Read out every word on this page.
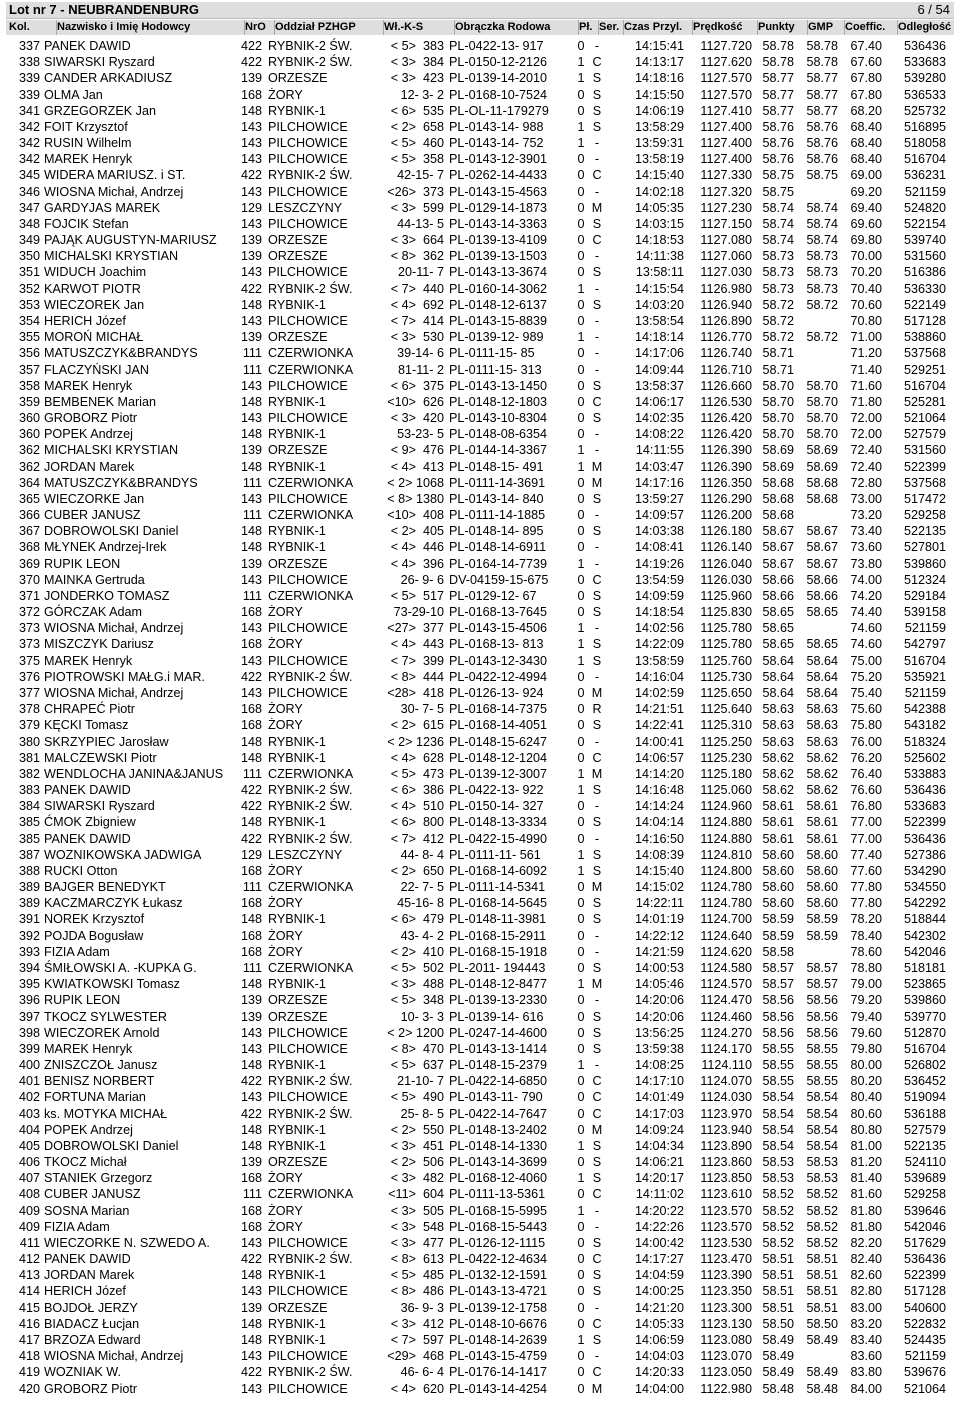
Lot nr 7 - NEUBRANDENBURG	6 / 54
Kol. Nazwisko i Imię Hodowcy	NrO Oddział PZHGP	Wł.-K-S	Obrączka Rodowa	Pł. Ser. Czas Przyl. Prędkość Punkty GMP Coeffic. Odległość
337 PANEK DAWID	422 RYBNIK-2 ŚW.	< 5>  383 PL-0422-13- 917	0 -	14:15:41	1127.720 58.78 58.78 67.40	536436
338 SIWARSKI Ryszard	422 RYBNIK-2 ŚW.	< 3>  384 PL-0150-12-2126	1 C	14:13:17	1127.620 58.78 58.78 67.60	533683
339 CANDER ARKADIUSZ	139 ORZESZE	< 3>  423 PL-0139-14-2010	1 S	14:18:16	1127.570 58.77 58.77 67.80	539280
339 OLMA Jan	168 ŻORY	12- 3- 2 PL-0168-10-7524	0 S	14:15:50	1127.570 58.77 58.77 67.80	536533
341 GRZEGORZEK Jan	148 RYBNIK-1	< 6>  535 PL-OL-11-179279	0 S	14:06:19	1127.410 58.77 58.77 68.20	525732
342 FOIT Krzysztof	143 PILCHOWICE	< 2>  658 PL-0143-14- 988	1 S	13:58:29	1127.400 58.76 58.76 68.40	516895
342 RUSIN Wilhelm	143 PILCHOWICE	< 5>  460 PL-0143-14- 752	1 -	13:59:31	1127.400 58.76 58.76 68.40	518058
342 MAREK Henryk	143 PILCHOWICE	< 5>  358 PL-0143-12-3901	0 -	13:58:19	1127.400 58.76 58.76 68.40	516704
345 WIDERA MARIUSZ. i ST.	422 RYBNIK-2 ŚW.	42-15- 7 PL-0262-14-4433	0 C	14:15:40	1127.330 58.75 58.75 69.00	536231
346 WIOSNA Michał, Andrzej	143 PILCHOWICE	<26>  373 PL-0143-15-4563	0 -	14:02:18	1127.320 58.75	69.20	521159
347 GARDYJAS MAREK	129 LESZCZYNY	< 3>  599 PL-0129-14-1873	0 M	14:05:35	1127.230 58.74 58.74 69.40	524820
348 FOJCIK Stefan	143 PILCHOWICE	44-13- 5 PL-0143-14-3363	0 S	14:03:15	1127.150 58.74 58.74 69.60	522154
349 PAJĄK AUGUSTYN-MARIUSZ	139 ORZESZE	< 3>  664 PL-0139-13-4109	0 C	14:18:53	1127.080 58.74 58.74 69.80	539740
350 MICHALSKI KRYSTIAN	139 ORZESZE	< 8>  362 PL-0139-13-1503	0 -	14:11:38	1127.060 58.73 58.73 70.00	531560
351 WIDUCH Joachim	143 PILCHOWICE	20-11- 7 PL-0143-13-3674	0 S	13:58:11	1127.030 58.73 58.73 70.20	516386
352 KARWOT PIOTR	422 RYBNIK-2 ŚW.	< 7>  440 PL-0160-14-3062	1 -	14:15:54	1126.980 58.73 58.73 70.40	536330
353 WIECZOREK Jan	148 RYBNIK-1	< 4>  692 PL-0148-12-6137	0 S	14:03:20	1126.940 58.72 58.72 70.60	522149
354 HERICH Józef	143 PILCHOWICE	< 7>  414 PL-0143-15-8839	0 -	13:58:54	1126.890 58.72	70.80	517128
355 MOROŃ MICHAŁ	139 ORZESZE	< 3>  530 PL-0139-12- 989	1 -	14:18:14	1126.770 58.72 58.72 71.00	538860
356 MATUSZCZYK&BRANDYS	111 CZERWIONKA	39-14- 6 PL-0111-15- 85	0 -	14:17:06	1126.740 58.71	71.20	537568
357 FLACZYŃSKI JAN	111 CZERWIONKA	81-11- 2 PL-0111-15- 313	0 -	14:09:44	1126.710 58.71	71.40	529251
358 MAREK Henryk	143 PILCHOWICE	< 6>  375 PL-0143-13-1450	0 S	13:58:37	1126.660 58.70 58.70 71.60	516704
359 BEMBENEK Marian	148 RYBNIK-1	<10>  626 PL-0148-12-1803	0 C	14:06:17	1126.530 58.70 58.70 71.80	525281
360 GROBORZ Piotr	143 PILCHOWICE	< 3>  420 PL-0143-10-8304	0 S	14:02:35	1126.420 58.70 58.70 72.00	521064
360 POPEK Andrzej	148 RYBNIK-1	53-23- 5 PL-0148-08-6354	0 -	14:08:22	1126.420 58.70 58.70 72.00	527579
362 MICHALSKI KRYSTIAN	139 ORZESZE	< 9>  476 PL-0144-14-3367	1 -	14:11:55	1126.390 58.69 58.69 72.40	531560
362 JORDAN Marek	148 RYBNIK-1	< 4>  413 PL-0148-15- 491	1 M	14:03:47	1126.390 58.69 58.69 72.40	522399
364 MATUSZCZYK&BRANDYS	111 CZERWIONKA	< 2> 1068 PL-0111-14-3691	0 M	14:17:16	1126.350 58.68 58.68 72.80	537568
365 WIECZORKE Jan	143 PILCHOWICE	< 8> 1380 PL-0143-14- 840	0 S	13:59:27	1126.290 58.68 58.68 73.00	517472
366 CUBER JANUSZ	111 CZERWIONKA	<10>  408 PL-0111-14-1885	0 -	14:09:57	1126.200 58.68	73.20	529258
367 DOBROWOLSKI Daniel	148 RYBNIK-1	< 2>  405 PL-0148-14- 895	0 S	14:03:38	1126.180 58.67 58.67 73.40	522135
368 MŁYNEK Andrzej-Irek	148 RYBNIK-1	< 4>  446 PL-0148-14-6911	0 -	14:08:41	1126.140 58.67 58.67 73.60	527801
369 RUPIK LEON	139 ORZESZE	< 4>  396 PL-0164-14-7739	1 -	14:19:26	1126.040 58.67 58.67 73.80	539860
370 MAINKA Gertruda	143 PILCHOWICE	26- 9- 6 DV-04159-15-675	0 C	13:54:59	1126.030 58.66 58.66 74.00	512324
371 JONDERKO TOMASZ	111 CZERWIONKA	< 5>  517 PL-0129-12- 67	0 S	14:09:59	1125.960 58.66 58.66 74.20	529184
372 GÓRCZAK Adam	168 ŻORY	73-29-10 PL-0168-13-7645	0 S	14:18:54	1125.830 58.65 58.65 74.40	539158
373 WIOSNA Michał, Andrzej	143 PILCHOWICE	<27>  377 PL-0143-15-4506	1 -	14:02:56	1125.780 58.65	74.60	521159
373 MISZCZYK Dariusz	168 ŻORY	< 4>  443 PL-0168-13- 813	1 S	14:22:09	1125.780 58.65 58.65 74.60	542797
375 MAREK Henryk	143 PILCHOWICE	< 7>  399 PL-0143-12-3430	1 S	13:58:59	1125.760 58.64 58.64 75.00	516704
376 PIOTROWSKI MAŁG.i MAR.	422 RYBNIK-2 ŚW.	< 8>  444 PL-0422-12-4994	0 -	14:16:04	1125.730 58.64 58.64 75.20	535921
377 WIOSNA Michał, Andrzej	143 PILCHOWICE	<28>  418 PL-0126-13- 924	0 M	14:02:59	1125.650 58.64 58.64 75.40	521159
378 CHRAPEĆ Piotr	168 ŻORY	30- 7- 5 PL-0168-14-7375	0 R	14:21:51	1125.640 58.63 58.63 75.60	542388
379 KĘCKI Tomasz	168 ŻORY	< 2>  615 PL-0168-14-4051	0 S	14:22:41	1125.310 58.63 58.63 75.80	543182
380 SKRZYPIEC Jarosław	148 RYBNIK-1	< 2> 1236 PL-0148-15-6247	0 -	14:00:41	1125.250 58.63 58.63 76.00	518324
381 MALCZEWSKI Piotr	148 RYBNIK-1	< 4>  628 PL-0148-12-1204	0 C	14:06:57	1125.230 58.62 58.62 76.20	525602
382 WENDLOCHA JANINA&JANUS	111 CZERWIONKA	< 5>  473 PL-0139-12-3007	1 M	14:14:20	1125.180 58.62 58.62 76.40	533883
383 PANEK DAWID	422 RYBNIK-2 ŚW.	< 6>  386 PL-0422-13- 922	1 S	14:16:48	1125.060 58.62 58.62 76.60	536436
384 SIWARSKI Ryszard	422 RYBNIK-2 ŚW.	< 4>  510 PL-0150-14- 327	0 -	14:14:24	1124.960 58.61 58.61 76.80	533683
385 ĆMOK Zbigniew	148 RYBNIK-1	< 6>  800 PL-0148-13-3334	0 S	14:04:14	1124.880 58.61 58.61 77.00	522399
385 PANEK DAWID	422 RYBNIK-2 ŚW.	< 7>  412 PL-0422-15-4990	0 -	14:16:50	1124.880 58.61 58.61 77.00	536436
387 WOZNIKOWSKA JADWIGA	129 LESZCZYNY	44- 8- 4 PL-0111-11- 561	1 S	14:08:39	1124.810 58.60 58.60 77.40	527386
388 RUCKI Otton	168 ŻORY	< 2>  650 PL-0168-14-6092	1 S	14:15:40	1124.800 58.60 58.60 77.60	534290
389 BAJGER BENEDYKT	111 CZERWIONKA	22- 7- 5 PL-0111-14-5341	0 M	14:15:02	1124.780 58.60 58.60 77.80	534550
389 KACZMARCZYK Łukasz	168 ŻORY	45-16- 8 PL-0168-14-5645	0 S	14:22:11	1124.780 58.60 58.60 77.80	542292
391 NOREK Krzysztof	148 RYBNIK-1	< 6>  479 PL-0148-11-3981	0 S	14:01:19	1124.700 58.59 58.59 78.20	518844
392 POJDA Bogusław	168 ŻORY	43- 4- 2 PL-0168-15-2911	0 -	14:22:12	1124.640 58.59 58.59 78.40	542302
393 FIZIA Adam	168 ŻORY	< 2>  410 PL-0168-15-1918	0 -	14:21:59	1124.620 58.58	78.60	542046
394 ŚMIŁOWSKI A. -KUPKA G.	111 CZERWIONKA	< 5>  502 PL-2011- 194443	0 S	14:00:53	1124.580 58.57 58.57 78.80	518181
395 KWIATKOWSKI Tomasz	148 RYBNIK-1	< 3>  488 PL-0148-12-8477	1 M	14:05:46	1124.570 58.57 58.57 79.00	523865
396 RUPIK LEON	139 ORZESZE	< 5>  348 PL-0139-13-2330	0 -	14:20:06	1124.470 58.56 58.56 79.20	539860
397 TKOCZ SYLWESTER	139 ORZESZE	10- 3- 3 PL-0139-14- 616	0 S	14:20:06	1124.460 58.56 58.56 79.40	539770
398 WIECZOREK Arnold	143 PILCHOWICE	< 2> 1200 PL-0247-14-4600	0 S	13:56:25	1124.270 58.56 58.56 79.60	512870
399 MAREK Henryk	143 PILCHOWICE	< 8>  470 PL-0143-13-1414	0 S	13:59:38	1124.170 58.55 58.55 79.80	516704
400 ZNISZCZOŁ Janusz	148 RYBNIK-1	< 5>  637 PL-0148-15-2379	1 -	14:08:25	1124.110 58.55 58.55 80.00	526802
401 BENISZ NORBERT	422 RYBNIK-2 ŚW.	21-10- 7 PL-0422-14-6850	0 C	14:17:10	1124.070 58.55 58.55 80.20	536452
402 FORTUNA Marian	143 PILCHOWICE	< 5>  490 PL-0143-11- 790	0 C	14:01:49	1124.030 58.54 58.54 80.40	519094
403 ks. MOTYKA MICHAŁ	422 RYBNIK-2 ŚW.	25- 8- 5 PL-0422-14-7647	0 C	14:17:03	1123.970 58.54 58.54 80.60	536188
404 POPEK Andrzej	148 RYBNIK-1	< 2>  550 PL-0148-13-2402	0 M	14:09:24	1123.940 58.54 58.54 80.80	527579
405 DOBROWOLSKI Daniel	148 RYBNIK-1	< 3>  451 PL-0148-14-1330	1 S	14:04:34	1123.890 58.54 58.54 81.00	522135
406 TKOCZ Michał	139 ORZESZE	< 2>  506 PL-0143-14-3699	0 S	14:06:21	1123.860 58.53 58.53 81.20	524110
407 STANIEK Grzegorz	168 ŻORY	< 3>  482 PL-0168-12-4060	1 S	14:20:17	1123.850 58.53 58.53 81.40	539689
408 CUBER JANUSZ	111 CZERWIONKA	<11>  604 PL-0111-13-5361	0 C	14:11:02	1123.610 58.52 58.52 81.60	529258
409 SOSNA Marian	168 ŻORY	< 3>  505 PL-0168-15-5995	1 -	14:20:22	1123.570 58.52 58.52 81.80	539646
409 FIZIA Adam	168 ŻORY	< 3>  548 PL-0168-15-5443	0 -	14:22:26	1123.570 58.52 58.52 81.80	542046
411 WIECZORKE N. SZWEDO A.	143 PILCHOWICE	< 3>  477 PL-0126-12-1115	0 S	14:00:42	1123.530 58.52 58.52 82.20	517629
412 PANEK DAWID	422 RYBNIK-2 ŚW.	< 8>  613 PL-0422-12-4634	0 C	14:17:27	1123.470 58.51 58.51 82.40	536436
413 JORDAN Marek	148 RYBNIK-1	< 5>  485 PL-0132-12-1591	0 S	14:04:59	1123.390 58.51 58.51 82.60	522399
414 HERICH Józef	143 PILCHOWICE	< 8>  486 PL-0143-13-4721	0 S	14:00:25	1123.350 58.51 58.51 82.80	517128
415 BOJDOŁ JERZY	139 ORZESZE	36- 9- 3 PL-0139-12-1758	0 -	14:21:20	1123.300 58.51 58.51 83.00	540600
416 BIADACZ Łucjan	148 RYBNIK-1	< 3>  412 PL-0148-10-6676	0 C	14:05:33	1123.130 58.50 58.50 83.20	522832
417 BRZOZA Edward	148 RYBNIK-1	< 7>  597 PL-0148-14-2639	1 S	14:06:59	1123.080 58.49 58.49 83.40	524435
418 WIOSNA Michał, Andrzej	143 PILCHOWICE	<29>  468 PL-0143-15-4759	0 -	14:04:03	1123.070 58.49	83.60	521159
419 WOZNIAK W.	422 RYBNIK-2 ŚW.	46- 6- 4 PL-0176-14-1417	0 C	14:20:33	1123.050 58.49 58.49 83.80	539676
420 GROBORZ Piotr	143 PILCHOWICE	< 4>  620 PL-0143-14-4254	0 M	14:04:00	1122.980 58.48 58.48 84.00	521064
